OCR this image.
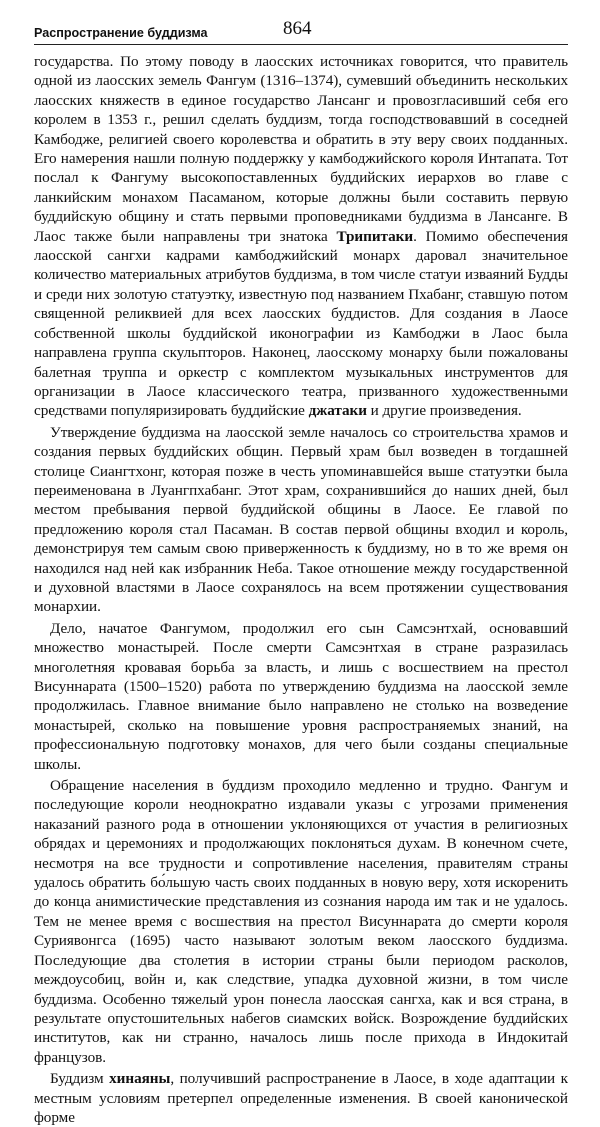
Распространение буддизма	864

государства. По этому поводу в лаосских источниках говорится, что правитель одной из лаосских земель Фангум (1316–1374), сумевший объединить нескольких лаосских княжеств в единое государство Лансанг и провозгласивший себя его королем в 1353 г., решил сделать буддизм, тогда господствовавший в соседней Камбодже, религией своего королевства и обратить в эту веру своих подданных. Его намерения нашли полную поддержку у камбоджийского короля Интапата. Тот послал к Фангуму высокопоставленных буддийских иерархов во главе с ланкийским монахом Пасаманом, которые должны были составить первую буддийскую общину и стать первыми проповедниками буддизма в Лансанге. В Лаос также были направлены три знатока Трипитаки. Помимо обеспечения лаосской сангхи кадрами камбоджийский монарх даровал значительное количество материальных атрибутов буддизма, в том числе статуи изваяний Будды и среди них золотую статуэтку, известную под названием Пхабанг, ставшую потом священной реликвией для всех лаосских буддистов. Для создания в Лаосе собственной школы буддийской иконографии из Камбоджи в Лаос была направлена группа скульпторов. Наконец, лаосскому монарху были пожалованы балетная труппа и оркестр с комплектом музыкальных инструментов для организации в Лаосе классического театра, призванного художественными средствами популяризировать буддийские джатаки и другие произведения.

Утверждение буддизма на лаосской земле началось со строительства храмов и создания первых буддийских общин. Первый храм был возведен в тогдашней столице Сиангтхонг, которая позже в честь упоминавшейся выше статуэтки была переименована в Луангпхабанг. Этот храм, сохранившийся до наших дней, был местом пребывания первой буддийской общины в Лаосе. Ее главой по предложению короля стал Пасаман. В состав первой общины входил и король, демонстрируя тем самым свою приверженность к буддизму, но в то же время он находился над ней как избранник Неба. Такое отношение между государственной и духовной властями в Лаосе сохранялось на всем протяжении существования монархии.

Дело, начатое Фангумом, продолжил его сын Самсэнтхай, основавший множество монастырей. После смерти Самсэнтхая в стране разразилась многолетняя кровавая борьба за власть, и лишь с восшествием на престол Висуннарата (1500–1520) работа по утверждению буддизма на лаосской земле продолжилась. Главное внимание было направлено не столько на возведение монастырей, сколько на повышение уровня распространяемых знаний, на профессиональную подготовку монахов, для чего были созданы специальные школы.

Обращение населения в буддизм проходило медленно и трудно. Фангум и последующие короли неоднократно издавали указы с угрозами применения наказаний разного рода в отношении уклоняющихся от участия в религиозных обрядах и церемониях и продолжающих поклоняться духам. В конечном счете, несмотря на все трудности и сопротивление населения, правителям страны удалось обратить бо́льшую часть своих подданных в новую веру, хотя искоренить до конца анимистические представления из сознания народа им так и не удалось. Тем не менее время с восшествия на престол Висуннарата до смерти короля Суриявонгса (1695) часто называют золотым веком лаосского буддизма. Последующие два столетия в истории страны были периодом расколов, междоусобиц, войн и, как следствие, упадка духовной жизни, в том числе буддизма. Особенно тяжелый урон понесла лаосская сангха, как и вся страна, в результате опустошительных набегов сиамских войск. Возрождение буддийских институтов, как ни странно, началось лишь после прихода в Индокитай французов.

Буддизм хинаяны, получивший распространение в Лаосе, в ходе адаптации к местным условиям претерпел определенные изменения. В своей канонической форме
